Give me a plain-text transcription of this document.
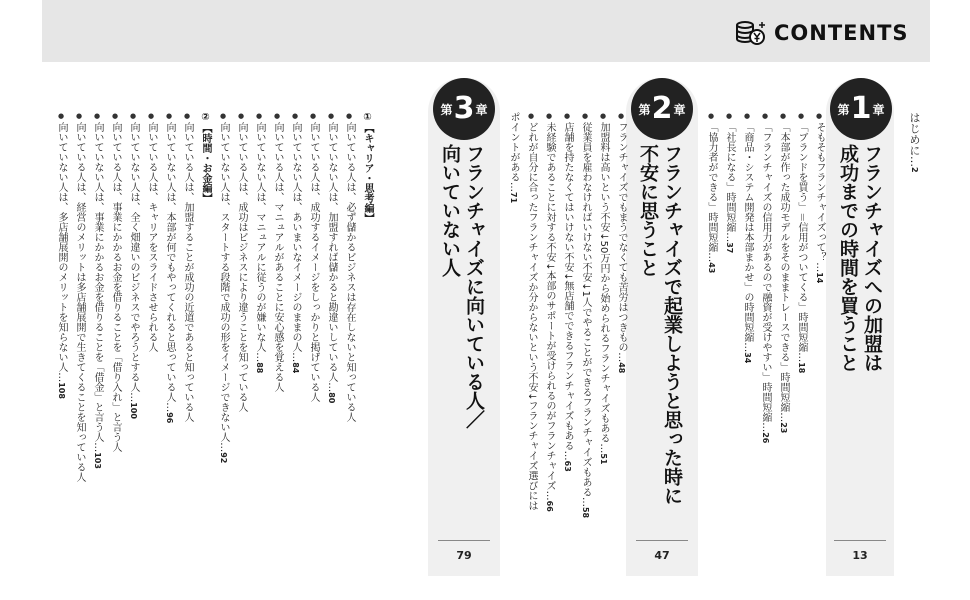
CONTENTS
はじめに…2
第 1 章
フランチャイズへの加盟は
成功までの時間を買うこと
13
● そもそもフランチャイズって？…14
● 「ブランドを買う」＝信用がついてくる」時間短縮…18
● 「本部が作った成功モデルをそのままトレースできる」時間短縮…23
● 「フランチャイズの信用力があるので融資が受けやすい」時間短縮…26
● 「商品・システム開発は本部まかせ」の時間短縮…34
● 「社長になる」時間短縮…37
● 「協力者ができる」時間短縮…43
第 2 章
フランチャイズで起業しようと思った時に
不安に思うこと
47
● フランチャイズでもまうでなくても苦労はつきもの…48
● 加盟料は高いという不安↓50万円から始められるフランチャイズもある…51
● 従業員を雇わなければいけない不安↓1人でやることができるフランチャイズもある…58
● 店舗を持たなくてはいけない不安↓無店舗でできるフランチャイズもある…63
● 未経験であることに対する不安↓本部のサポートが受けられるのがフランチャイズ…66
● どれが自分に合ったフランチャイズか分からないという不安↓フランチャイズ選びには
ポイントがある…71
第 3 章
フランチャイズに向いている人／
向いていない人
79
①【キャリア・思考編】
● 向いている人は、必ず儲かるビジネスは存在しないと知っている人
● 向いていない人は、加盟すれば儲かると勘違いしている人…80
● 向いている人は、成功するイメージをしっかりと掲げている人
● 向いていない人は、あいまいなイメージのままの人…84
● 向いている人は、マニュアルがあることに安心感を覚える人
● 向いていない人は、マニュアルに従うのが嫌いな人…88
● 向いている人は、成功はビジネスにより違うことを知っている人
● 向いていない人は、スタートする段階で成功の形をイメージできない人…92
②【時間・お金編】
● 向いている人は、加盟することが成功の近道であると知っている人
● 向いていない人は、本部が何でもやってくれると思っている人…96
● 向いている人は、キャリアをスライドさせられる人
● 向いていない人は、全く畑違いのビジネスでやろうとする人…100
● 向いている人は、事業にかかるお金を借りることを「借り入れ」と言う人
● 向いていない人は、事業にかかるお金を借りることを「借金」と言う人…103
● 向いている人は、経営のメリットは多店舗展開で生きてくることを知っている人
● 向いていない人は、多店舗展開のメリットを知らない人…108
